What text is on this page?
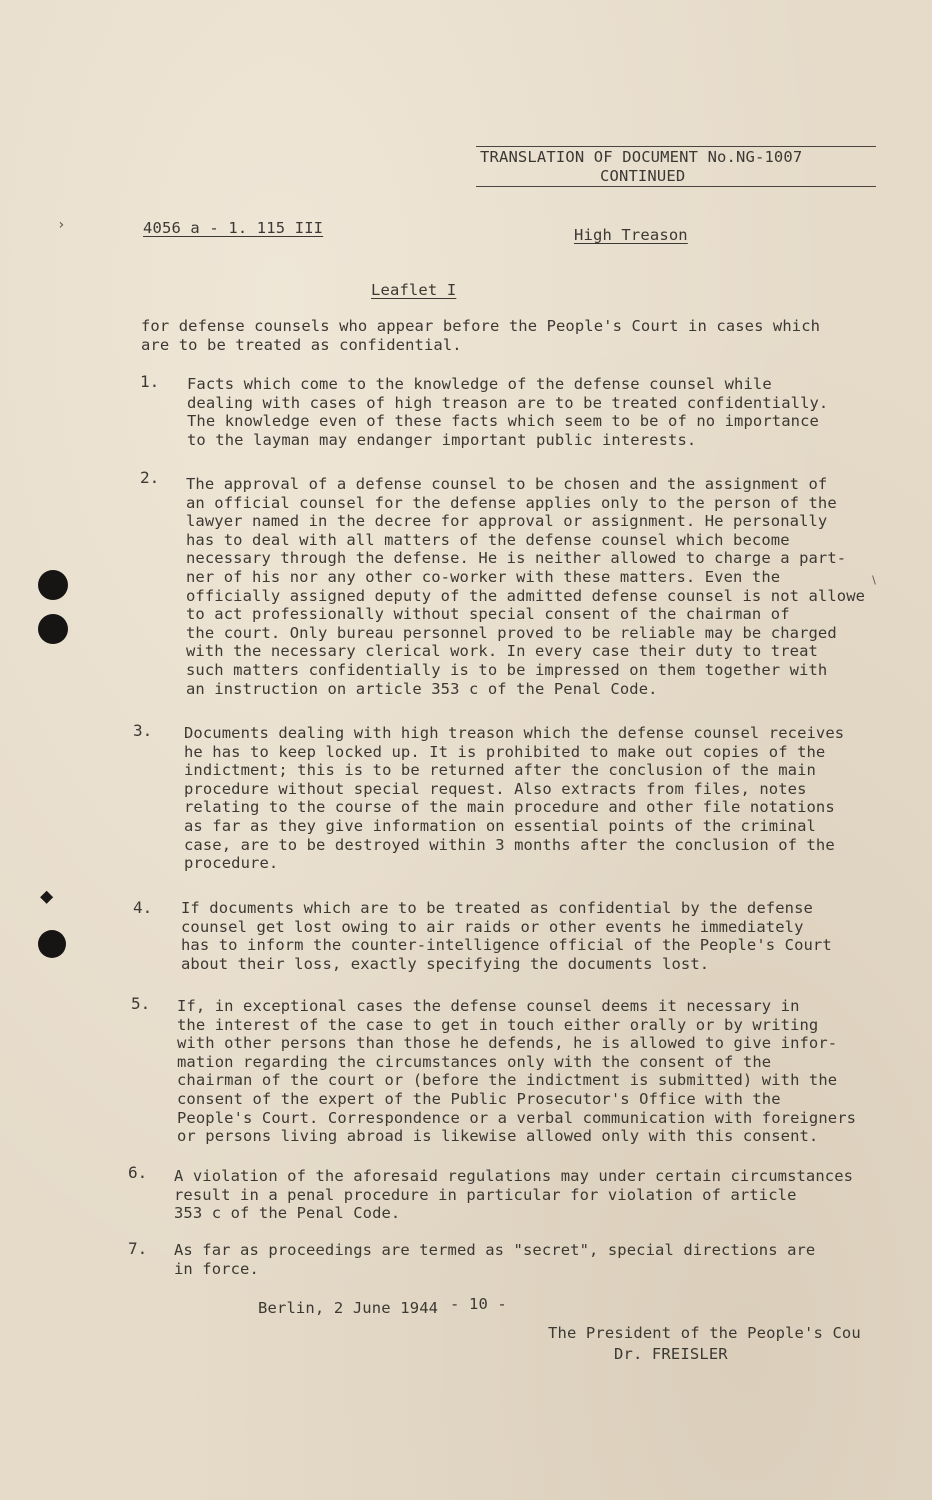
TRANSLATION OF DOCUMENT No.NG-1007
CONTINUED
4056 a - 1. 115 III	High Treason
Leaflet I
for defense counsels who appear before the People's Court in cases which
are to be treated as confidential.
1. Facts which come to the knowledge of the defense counsel while
dealing with cases of high treason are to be treated confidentially.
The knowledge even of these facts which seem to be of no importance
to the layman may endanger important public interests.
2. The approval of a defense counsel to be chosen and the assignment of
an official counsel for the defense applies only to the person of the
lawyer named in the decree for approval or assignment. He personally
has to deal with all matters of the defense counsel which become
necessary through the defense. He is neither allowed to charge a part-
ner of his nor any other co-worker with these matters. Even the
officially assigned deputy of the admitted defense counsel is not allowe
to act professionally without special consent of the chairman of
the court. Only bureau personnel proved to be reliable may be charged
with the necessary clerical work. In every case their duty to treat
such matters confidentially is to be impressed on them together with
an instruction on article 353 c of the Penal Code.
3. Documents dealing with high treason which the defense counsel receives
he has to keep locked up. It is prohibited to make out copies of the
indictment; this is to be returned after the conclusion of the main
procedure without special request. Also extracts from files, notes
relating to the course of the main procedure and other file notations
as far as they give information on essential points of the criminal
case, are to be destroyed within 3 months after the conclusion of the
procedure.
4. If documents which are to be treated as confidential by the defense
counsel get lost owing to air raids or other events he immediately
has to inform the counter-intelligence official of the People's Court
about their loss, exactly specifying the documents lost.
5. If, in exceptional cases the defense counsel deems it necessary in
the interest of the case to get in touch either orally or by writing
with other persons than those he defends, he is allowed to give infor-
mation regarding the circumstances only with the consent of the
chairman of the court or (before the indictment is submitted) with the
consent of the expert of the Public Prosecutor's Office with the
People's Court. Correspondence or a verbal communication with foreigners
or persons living abroad is likewise allowed only with this consent.
6. A violation of the aforesaid regulations may under certain circumstances
result in a penal procedure in particular for violation of article
353 c of the Penal Code.
7. As far as proceedings are termed as "secret", special directions are
in force.
Berlin, 2 June 1944 - 10 -
The President of the People's Cou
Dr. FREISLER
◆
›
∖
